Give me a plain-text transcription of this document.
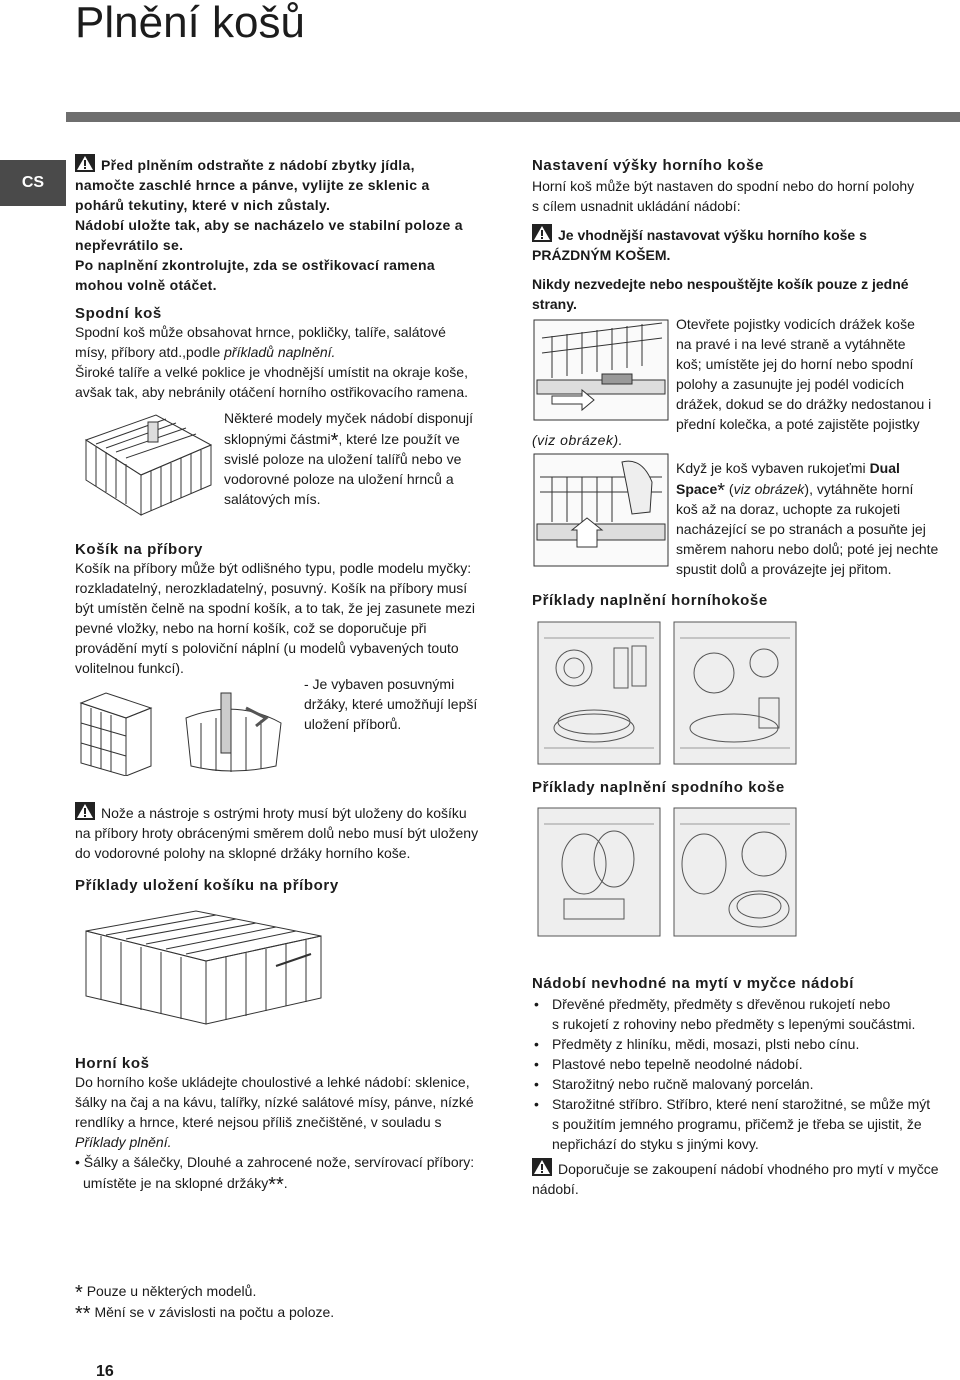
Plnění košů
CS
Před plněním odstraňte z nádobí zbytky jídla,
namočte zaschlé hrnce a pánve, vylijte ze sklenic a
pohárů tekutiny, které v nich zůstaly.
Nádobí uložte tak, aby se nacházelo ve stabilní poloze a
nepřevrátilo se.
Po naplnění zkontrolujte, zda se ostřikovací ramena
mohou volně otáčet.
Spodní koš
Spodní koš může obsahovat hrnce, pokličky, talíře, salátové
mísy, příbory atd.,podle příkladů naplnění.
Široké talíře a velké poklice je vhodnější umístit na okraje koše,
avšak tak, aby nebránily otáčení horního ostřikovacího ramena.
Některé modely myček nádobí disponují
sklopnými částmi*, které lze použít ve
svislé poloze na uložení talířů nebo ve
vodorovné poloze na uložení hrnců a
salátových mís.
Košík na příbory
Košík na příbory může být odlišného typu, podle modelu myčky:
rozkladatelný, nerozkladatelný, posuvný. Košík na příbory musí
být umístěn čelně na spodní košík, a to tak, že jej zasunete mezi
pevné vložky, nebo na horní košík, což se doporučuje při
provádění mytí s poloviční náplní (u modelů vybavených touto
volitelnou funkcí).
- Je vybaven posuvnými
držáky, které umožňují lepší
uložení příborů.
Nože a nástroje s ostrými hroty musí být uloženy do košíku
na příbory hroty obrácenými směrem dolů nebo musí být uloženy
do vodorovné polohy na sklopné držáky horního koše.
Příklady uložení košíku na příbory
Horní koš
Do horního koše ukládejte choulostivé a lehké nádobí: sklenice,
šálky na čaj a na kávu, talířky, nízké salátové mísy, pánve, nízké
rendlíky a hrnce, které nejsou příliš znečištěné, v souladu s
Příklady plnění.
• Šálky a šálečky, Dlouhé a zahrocené nože, servírovací příbory:
umístěte je na sklopné držáky**.
Nastavení výšky horního koše
Horní koš může být nastaven do spodní nebo do horní polohy
s cílem usnadnit ukládání nádobí:
Je vhodnější nastavovat výšku horního koše s
PRÁZDNÝM KOŠEM.
Nikdy nezvedejte nebo nespouštějte košík pouze z jedné
strany.
Otevřete pojistky vodicích drážek koše
na pravé i na levé straně a vytáhněte
koš; umístěte jej do horní nebo spodní
polohy a zasunujte jej podél vodicích
drážek, dokud se do drážky nedostanou i
přední kolečka, a poté zajistěte pojistky
(viz obrázek).
Když je koš vybaven rukojeťmi Dual
Space* (viz obrázek), vytáhněte horní
koš až na doraz, uchopte za rukojeti
nacházející se po stranách a posuňte jej
směrem nahoru nebo dolů; poté jej nechte
spustit dolů a provázejte jej přitom.
Příklady naplnění horníhokoše
Příklady naplnění spodního koše
Nádobí nevhodné na mytí v myčce nádobí
• Dřevěné předměty, předměty s dřevěnou rukojetí nebo
s rukojetí z rohoviny nebo předměty s lepenými součástmi.
• Předměty z hliníku, mědi, mosazi, plsti nebo cínu.
• Plastové nebo tepelně neodolné nádobí.
• Starožitný nebo ručně malovaný porcelán.
• Starožitné stříbro. Stříbro, které není starožitné, se může mýt
s použitím jemného programu, přičemž je třeba se ujistit, že
nepřichází do styku s jinými kovy.
Doporučuje se zakoupení nádobí vhodného pro mytí v myčce
nádobí.
* Pouze u některých modelů.
** Mění se v závislosti na počtu a poloze.
16
